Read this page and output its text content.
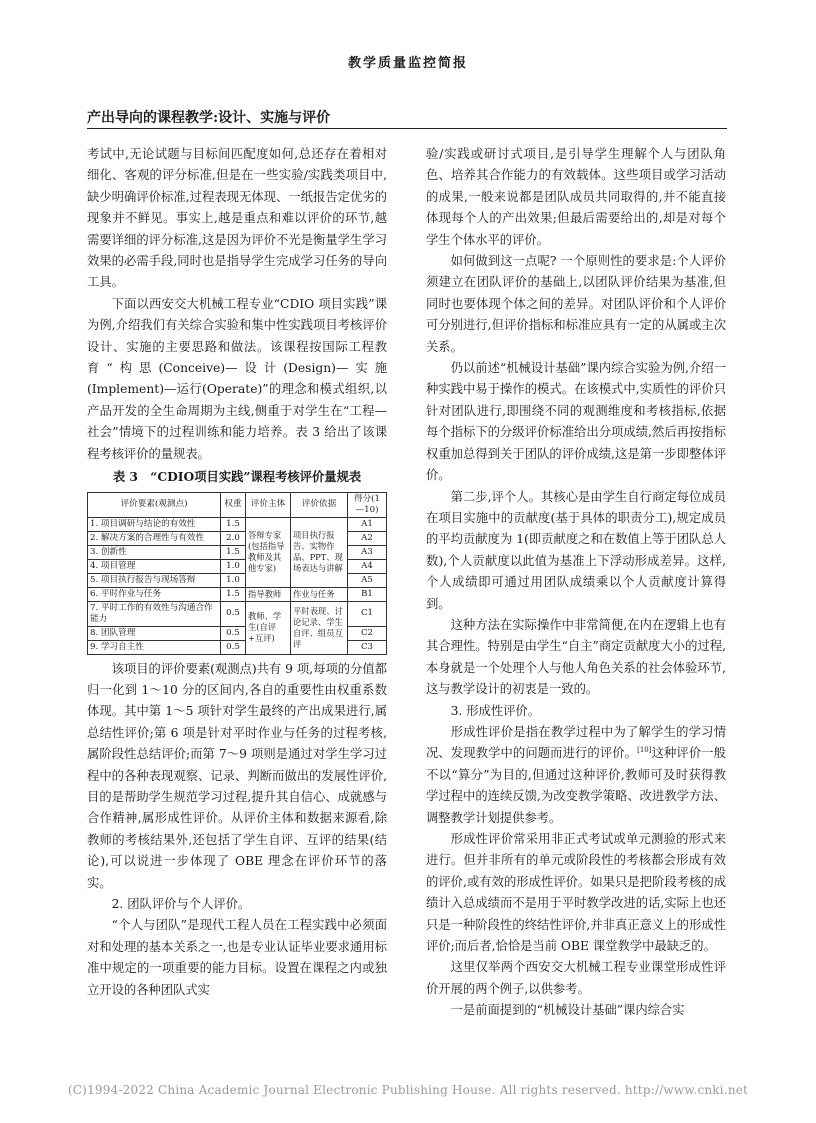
教学质量监控简报
产出导向的课程教学:设计、实施与评价

考试中,无论试题与目标间匹配度如何,总还存在着相对细化、客观的评分标准,但是在一些实验/实践类项目中,缺少明确评价标准,过程表现无体现、一纸报告定优劣的现象并不鲜见。事实上,越是重点和难以评价的环节,越需要详细的评分标准,这是因为评价不光是衡量学生学习效果的必需手段,同时也是指导学生完成学习任务的导向工具。

下面以西安交大机械工程专业“CDIO 项目实践”课为例,介绍我们有关综合实验和集中性实践项目考核评价设计、实施的主要思路和做法。该课程按国际工程教育“构思(Conceive)—设计(Design)—实施(Implement)—运行(Operate)”的理念和模式组织,以产品开发的全生命周期为主线,侧重于对学生在“工程—社会”情境下的过程训练和能力培养。表 3 给出了该课程考核评价的量规表。

表 3　“CDIO项目实践”课程考核评价量规表
评价要素(观测点)	权重	评价主体	评价依据	得分(1—10)
1. 项目调研与结论的有效性	1.5	答辩专家(包括指导教师及其他专家)	项目执行报告、实物作品、PPT、现场表达与讲解	A1
2. 解决方案的合理性与有效性	2.0			A2
3. 创新性	1.5			A3
4. 项目管理	1.0			A4
5. 项目执行报告与现场答辩	1.0			A5
6. 平时作业与任务	1.5	指导教师	作业与任务	B1
7. 平时工作的有效性与沟通合作能力	0.5	教师、学生(自评+互评)	平时表现、讨论记录、学生自评、组员互评	C1
8. 团队管理	0.5			C2
9. 学习自主性	0.5			C3

该项目的评价要素(观测点)共有 9 项,每项的分值都归一化到 1～10 分的区间内,各自的重要性由权重系数体现。其中第 1～5 项针对学生最终的产出成果进行,属总结性评价;第 6 项是针对平时作业与任务的过程考核,属阶段性总结评价;而第 7～9 项则是通过对学生学习过程中的各种表现观察、记录、判断而做出的发展性评价,目的是帮助学生规范学习过程,提升其自信心、成就感与合作精神,属形成性评价。从评价主体和数据来源看,除教师的考核结果外,还包括了学生自评、互评的结果(结论),可以说进一步体现了 OBE 理念在评价环节的落实。

2. 团队评价与个人评价。

“个人与团队”是现代工程人员在工程实践中必须面对和处理的基本关系之一,也是专业认证毕业要求通用标准中规定的一项重要的能力目标。设置在课程之内或独立开设的各种团队式实

验/实践或研讨式项目,是引导学生理解个人与团队角色、培养其合作能力的有效载体。这些项目或学习活动的成果,一般来说都是团队成员共同取得的,并不能直接体现每个人的产出效果;但最后需要给出的,却是对每个学生个体水平的评价。

如何做到这一点呢? 一个原则性的要求是:个人评价须建立在团队评价的基础上,以团队评价结果为基准,但同时也要体现个体之间的差异。对团队评价和个人评价可分别进行,但评价指标和标准应具有一定的从属或主次关系。

仍以前述“机械设计基础”课内综合实验为例,介绍一种实践中易于操作的模式。在该模式中,实质性的评价只针对团队进行,即围绕不同的观测维度和考核指标,依据每个指标下的分级评价标准给出分项成绩,然后再按指标权重加总得到关于团队的评价成绩,这是第一步即整体评价。

第二步,评个人。其核心是由学生自行商定每位成员在项目实施中的贡献度(基于具体的职责分工),规定成员的平均贡献度为 1(即贡献度之和在数值上等于团队总人数),个人贡献度以此值为基准上下浮动形成差异。这样,个人成绩即可通过用团队成绩乘以个人贡献度计算得到。

这种方法在实际操作中非常简便,在内在逻辑上也有其合理性。特别是由学生“自主”商定贡献度大小的过程,本身就是一个处理个人与他人角色关系的社会体验环节,这与教学设计的初衷是一致的。

3. 形成性评价。

形成性评价是指在教学过程中为了解学生的学习情况、发现教学中的问题而进行的评价。[10]这种评价一般不以“算分”为目的,但通过这种评价,教师可及时获得教学过程中的连续反馈,为改变教学策略、改进教学方法、调整教学计划提供参考。

形成性评价常采用非正式考试或单元测验的形式来进行。但并非所有的单元或阶段性的考核都会形成有效的评价,或有效的形成性评价。如果只是把阶段考核的成绩计入总成绩而不是用于平时教学改进的话,实际上也还只是一种阶段性的终结性评价,并非真正意义上的形成性评价;而后者,恰恰是当前 OBE 课堂教学中最缺乏的。

这里仅举两个西安交大机械工程专业课堂形成性评价开展的两个例子,以供参考。

一是前面提到的“机械设计基础”课内综合实

(C)1994-2022 China Academic Journal Electronic Publishing House. All rights reserved. http://www.cnki.net
